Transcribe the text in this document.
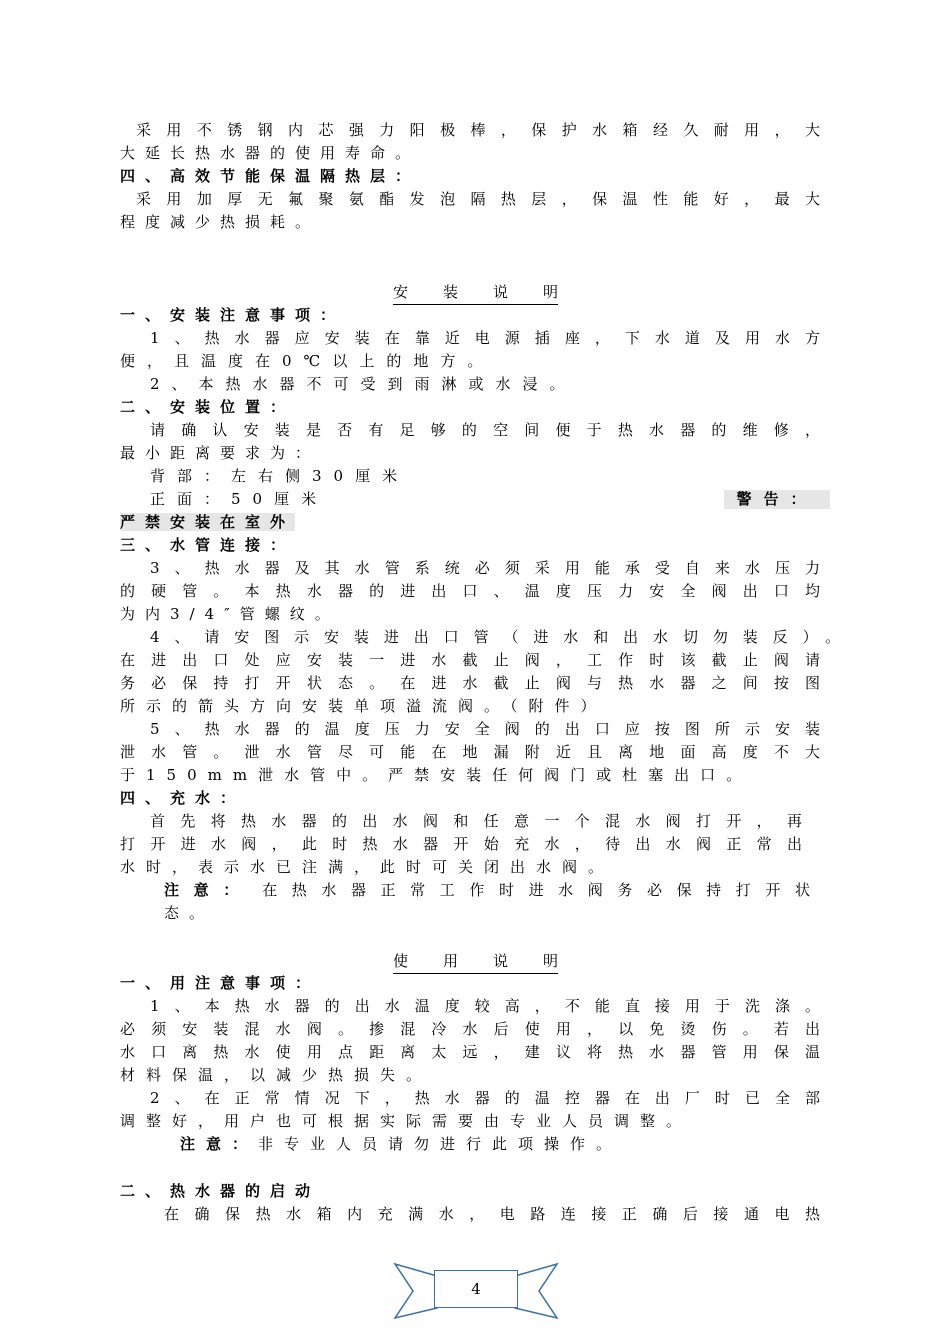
采用不锈钢内芯强力阳极棒，保护水箱经久耐用，大
大延长热水器的使用寿命。
四、高效节能保温隔热层：
采用加厚无氟聚氨酯发泡隔热层，保温性能好，最大
程度减少热损耗。
安装说明
一、安装注意事项：
1、热水器应安装在靠近电源插座，下水道及用水方
便，且温度在0℃以上的地方。
2、本热水器不可受到雨淋或水浸。
二、安装位置：
请确认安装是否有足够的空间便于热水器的维修，
最小距离要求为：
背部：左右侧30厘米
正面：50厘米	警告：
严禁安装在室外
三、水管连接：
3、热水器及其水管系统必须采用能承受自来水压力
的硬管。本热水器的进出口、温度压力安全阀出口均
为内3/4″管螺纹。
4、请安图示安装进出口管（进水和出水切勿装反）。
在进出口处应安装一进水截止阀，工作时该截止阀请
务必保持打开状态。在进水截止阀与热水器之间按图
所示的箭头方向安装单项溢流阀。（附件）
5、热水器的温度压力安全阀的出口应按图所示安装
泄水管。泄水管尽可能在地漏附近且离地面高度不大
于150mm泄水管中。严禁安装任何阀门或杜塞出口。
四、充水：
首先将热水器的出水阀和任意一个混水阀打开，再
打开进水阀，此时热水器开始充水，待出水阀正常出
水时，表示水已注满，此时可关闭出水阀。
注意： 在热水器正常工作时进水阀务必保持打开状
态。
使用说明
一、用注意事项：
1、本热水器的出水温度较高，不能直接用于洗涤。
必须安装混水阀。掺混冷水后使用，以免烫伤。若出
水口离热水使用点距离太远，建议将热水器管用保温
材料保温，以减少热损失。
2、在正常情况下，热水器的温控器在出厂时已全部
调整好，用户也可根据实际需要由专业人员调整。
注意：非专业人员请勿进行此项操作。
二、热水器的启动
在确保热水箱内充满水，电路连接正确后接通电热
4
